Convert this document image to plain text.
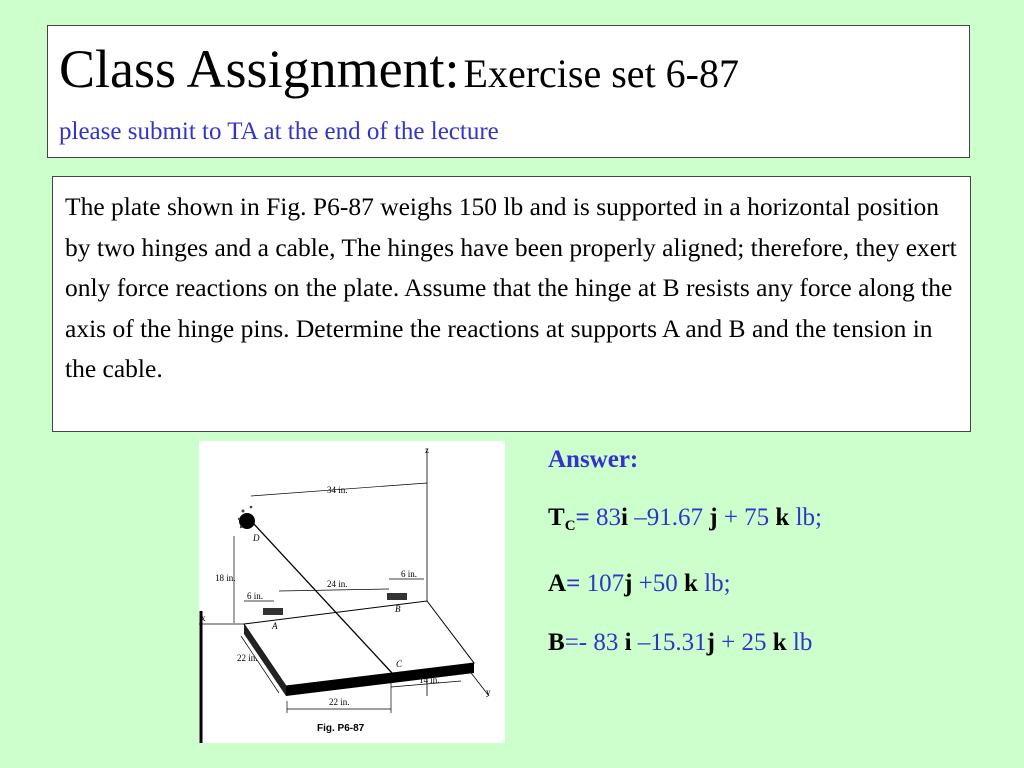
Class Assignment: Exercise set 6-87
please submit to TA at the end of the lecture
The plate shown in Fig. P6-87 weighs 150 lb and is supported in a horizontal position by two hinges and a cable, The hinges have been properly aligned; therefore, they exert only force reactions on the plate. Assume that the hinge at B resists any force along the axis of the hinge pins. Determine the reactions at supports A and B and the tension in the cable.
z
x
y
D
34 in.
18 in.
24 in.
6 in.
6 in.
C
A
B
22 in.
22 in.
14 in.
Fig. P6-87
Answer:
$T_C= 83i$ –91.67 j + 75 k lb;
A= 107j +50 k lb;
B=- 83 i –15.31j + 25 k lb
